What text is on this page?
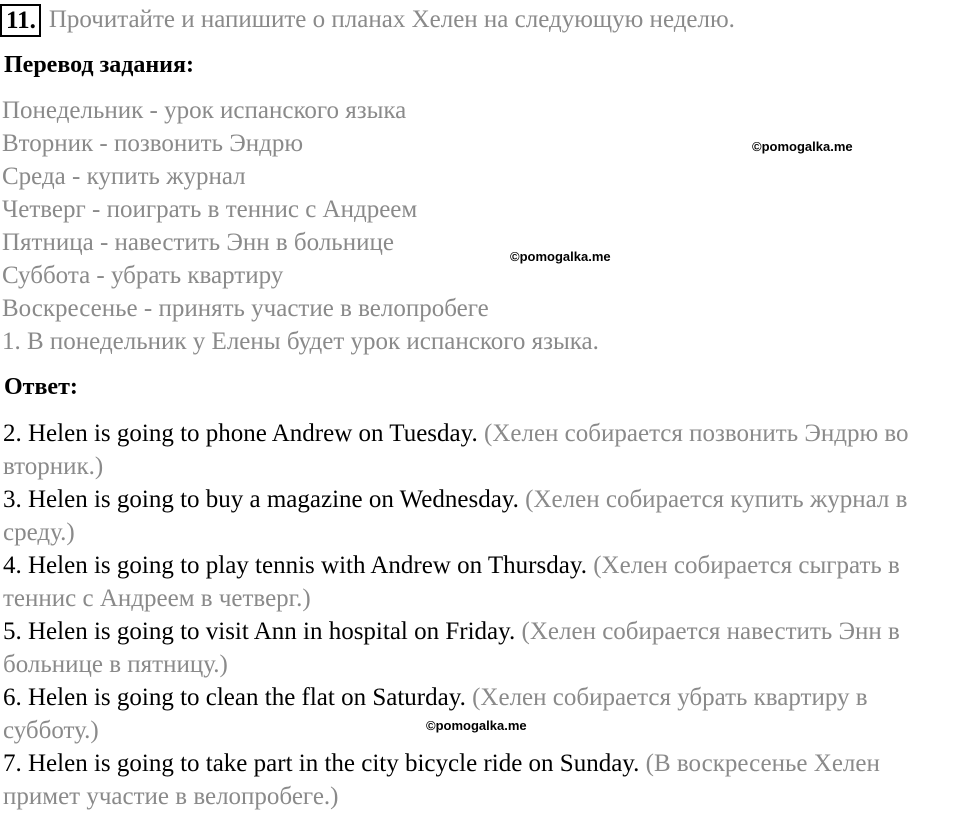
11. Прочитайте и напишите о планах Хелен на следующую неделю.
Перевод задания:
Понедельник - урок испанского языка
Вторник - позвонить Эндрю
Среда - купить журнал
Четверг - поиграть в теннис с Андреем
Пятница - навестить Энн в больнице
Суббота - убрать квартиру
Воскресенье - принять участие в велопробеге
1. В понедельник у Елены будет урок испанского языка.
Ответ:
2. Helen is going to phone Andrew on Tuesday. (Хелен собирается позвонить Эндрю во вторник.)
3. Helen is going to buy a magazine on Wednesday. (Хелен собирается купить журнал в среду.)
4. Helen is going to play tennis with Andrew on Thursday. (Хелен собирается сыграть в теннис с Андреем в четверг.)
5. Helen is going to visit Ann in hospital on Friday. (Хелен собирается навестить Энн в больнице в пятницу.)
6. Helen is going to clean the flat on Saturday. (Хелен собирается убрать квартиру в субботу.)
7. Helen is going to take part in the city bicycle ride on Sunday. (В воскресенье Хелен примет участие в велопробеге.)
©pomogalka.me
©pomogalka.me
©pomogalka.me
